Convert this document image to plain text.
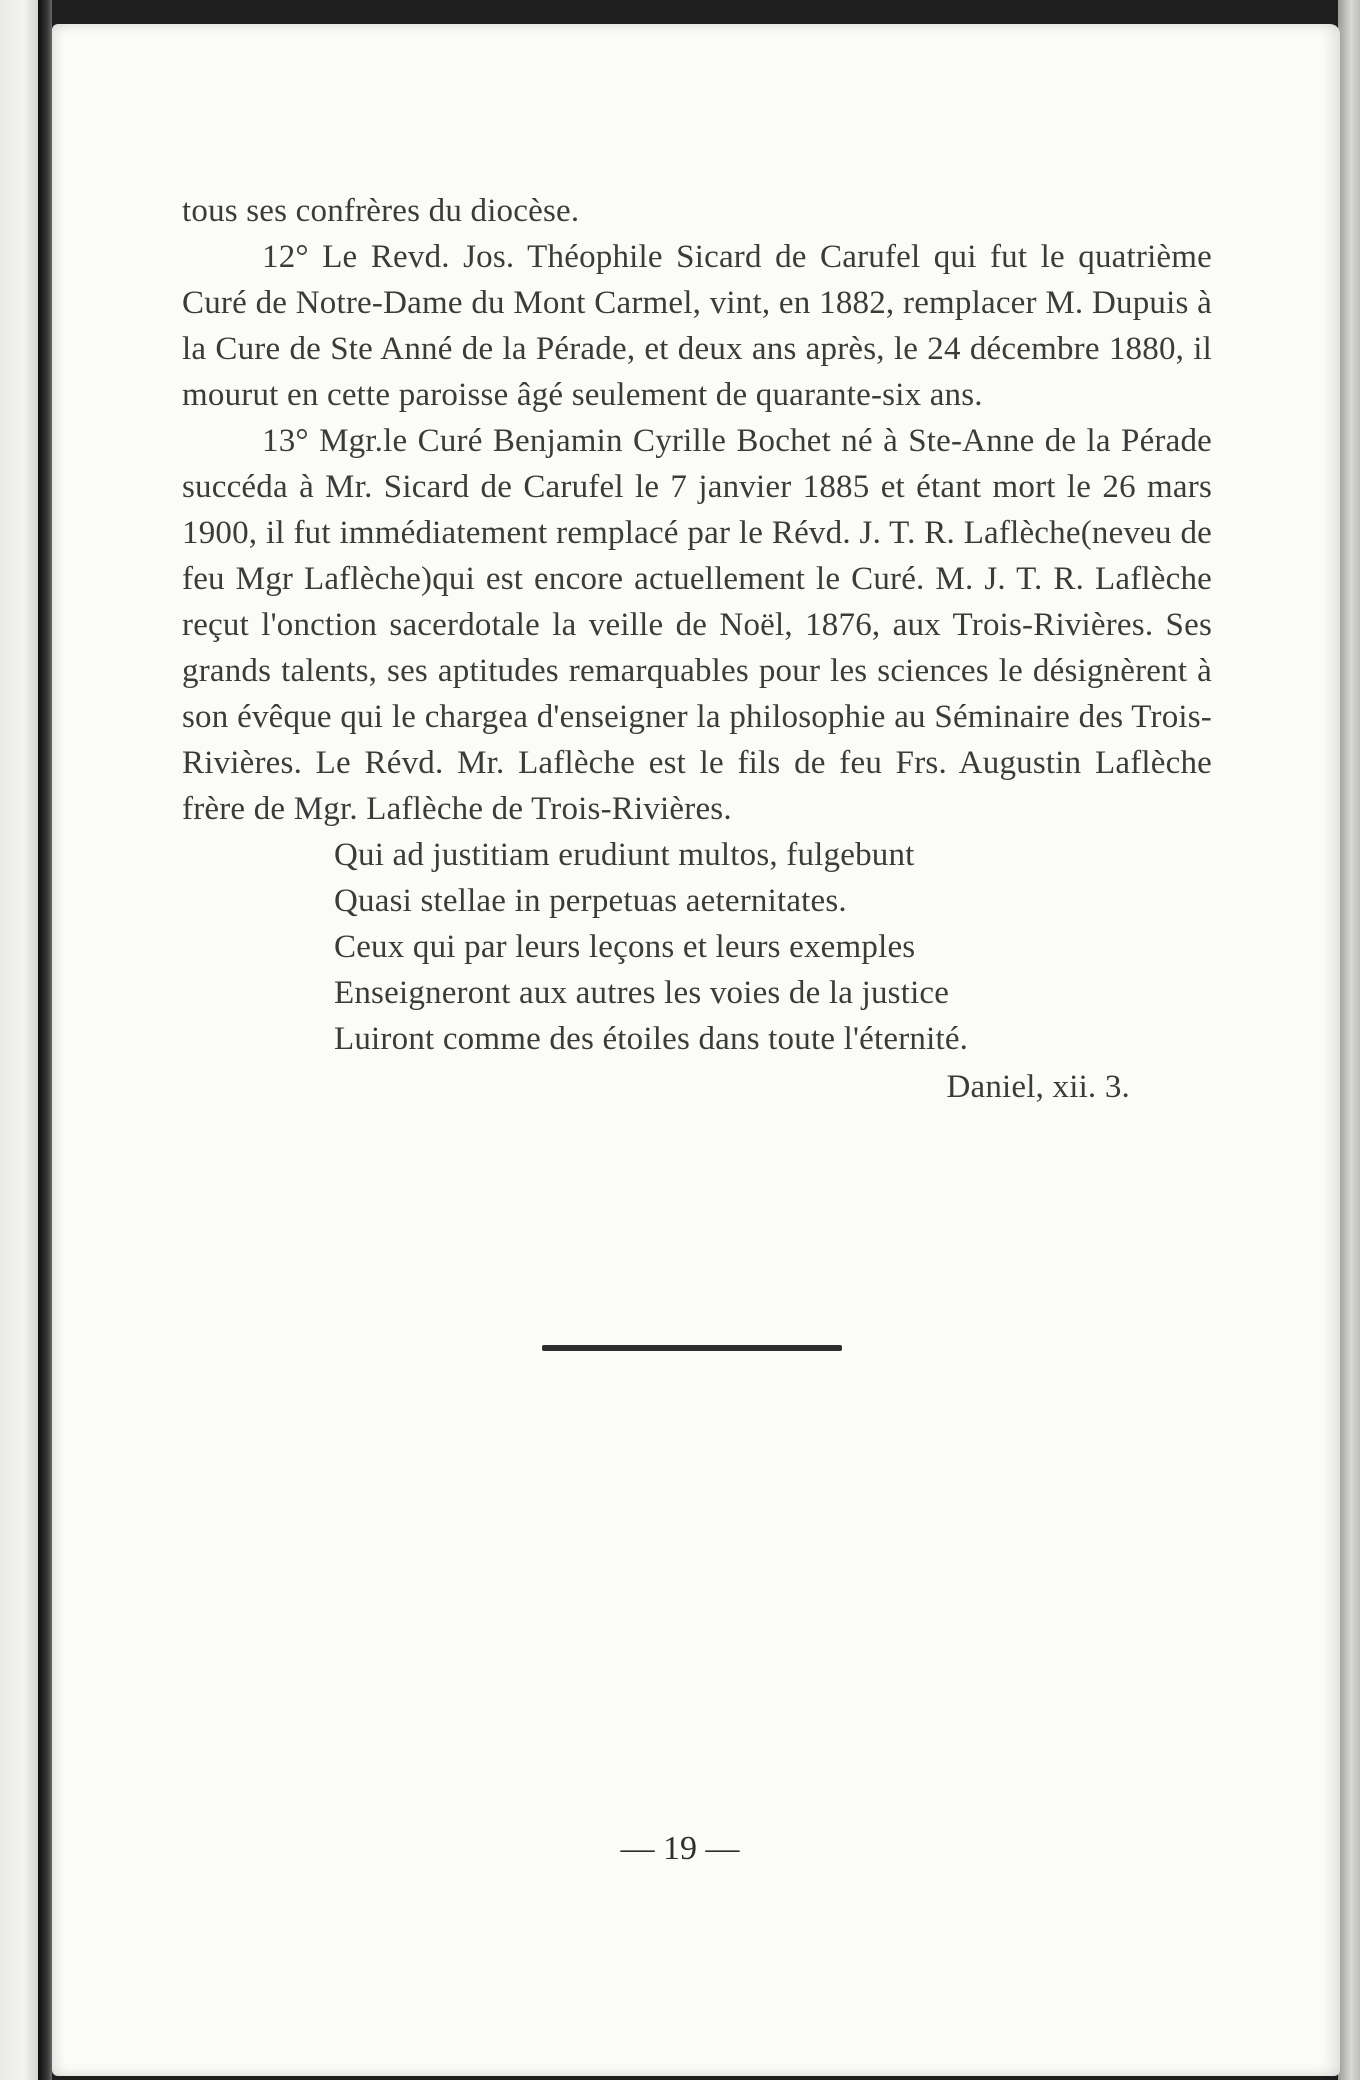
tous ses confrères du diocèse.

12° Le Revd. Jos. Théophile Sicard de Carufel qui fut le quatrième Curé de Notre-Dame du Mont Carmel, vint, en 1882, remplacer M. Dupuis à la Cure de Ste Anné de la Pérade, et deux ans après, le 24 décembre 1880, il mourut en cette paroisse âgé seulement de quarante-six ans.

13° Mgr.le Curé Benjamin Cyrille Bochet né à Ste-Anne de la Pérade succéda à Mr. Sicard de Carufel le 7 janvier 1885 et étant mort le 26 mars 1900, il fut immédiatement remplacé par le Révd. J. T. R. Laflèche(neveu de feu Mgr Laflèche)qui est encore actuellement le Curé. M. J. T. R. Laflèche reçut l'onction sacerdotale la veille de Noël, 1876, aux Trois-Rivières. Ses grands talents, ses aptitudes remarquables pour les sciences le désignèrent à son évêque qui le chargea d'enseigner la philosophie au Séminaire des Trois-Rivières. Le Révd. Mr. Laflèche est le fils de feu Frs. Augustin Laflèche frère de Mgr. Laflèche de Trois-Rivières.

Qui ad justitiam erudiunt multos, fulgebunt
Quasi stellae in perpetuas aeternitates.
Ceux qui par leurs leçons et leurs exemples
Enseigneront aux autres les voies de la justice
Luiront comme des étoiles dans toute l'éternité.
Daniel, xii. 3.
— 19 —
